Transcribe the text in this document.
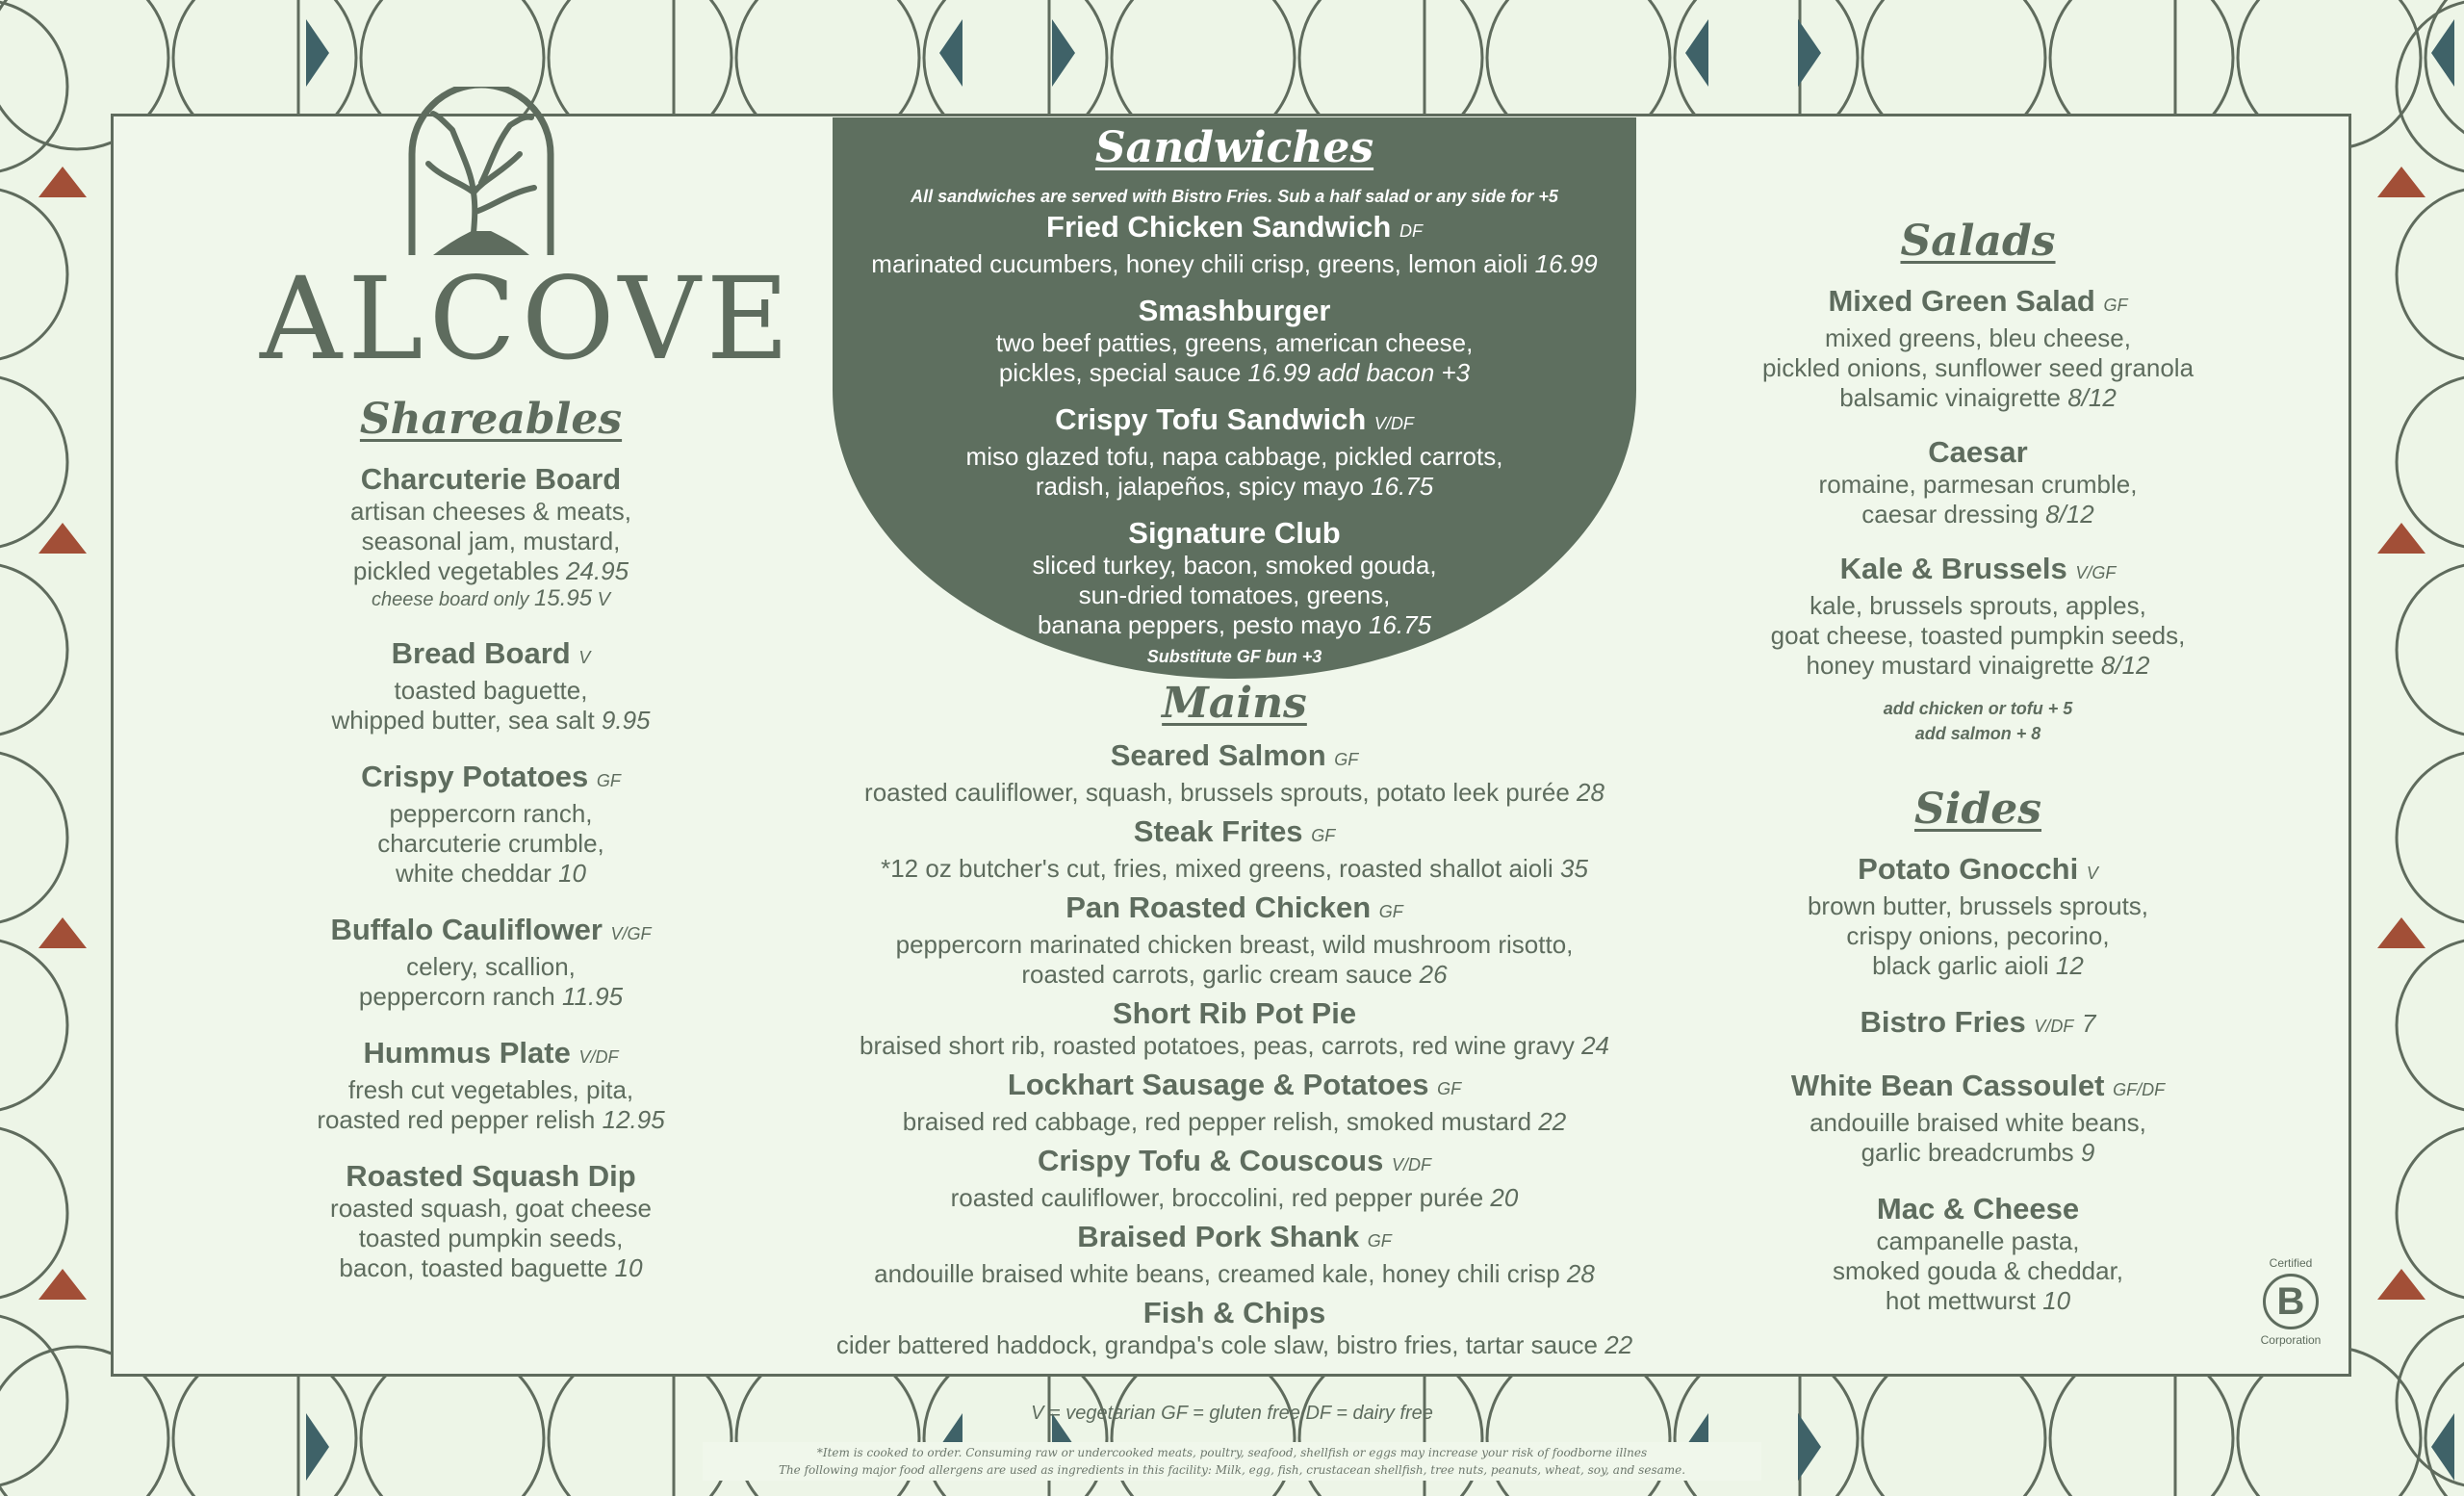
ALCOVE
Shareables
Charcuterie Board
artisan cheeses & meats,
seasonal jam, mustard,
pickled vegetables 24.95
cheese board only 15.95 V
Bread Board V
toasted baguette,
whipped butter, sea salt 9.95
Crispy Potatoes GF
peppercorn ranch,
charcuterie crumble,
white cheddar 10
Buffalo Cauliflower V/GF
celery, scallion,
peppercorn ranch 11.95
Hummus Plate V/DF
fresh cut vegetables, pita,
roasted red pepper relish 12.95
Roasted Squash Dip
roasted squash, goat cheese
toasted pumpkin seeds,
bacon, toasted baguette 10
Sandwiches
All sandwiches are served with Bistro Fries. Sub a half salad or any side for +5
Fried Chicken Sandwich DF
marinated cucumbers, honey chili crisp, greens, lemon aioli 16.99
Smashburger
two beef patties, greens, american cheese,
pickles, special sauce 16.99 add bacon +3
Crispy Tofu Sandwich V/DF
miso glazed tofu, napa cabbage, pickled carrots,
radish, jalapeños, spicy mayo 16.75
Signature Club
sliced turkey, bacon, smoked gouda,
sun-dried tomatoes, greens,
banana peppers, pesto mayo 16.75
Substitute GF bun +3
Mains
Seared Salmon GF
roasted cauliflower, squash, brussels sprouts, potato leek purée 28
Steak Frites GF
*12 oz butcher's cut, fries, mixed greens, roasted shallot aioli 35
Pan Roasted Chicken GF
peppercorn marinated chicken breast, wild mushroom risotto,
roasted carrots, garlic cream sauce 26
Short Rib Pot Pie
braised short rib, roasted potatoes, peas, carrots, red wine gravy 24
Lockhart Sausage & Potatoes GF
braised red cabbage, red pepper relish, smoked mustard 22
Crispy Tofu & Couscous V/DF
roasted cauliflower, broccolini, red pepper purée 20
Braised Pork Shank GF
andouille braised white beans, creamed kale, honey chili crisp 28
Fish & Chips
cider battered haddock, grandpa's cole slaw, bistro fries, tartar sauce 22
Salads
Mixed Green Salad GF
mixed greens, bleu cheese,
pickled onions, sunflower seed granola
balsamic vinaigrette 8/12
Caesar
romaine, parmesan crumble,
caesar dressing 8/12
Kale & Brussels V/GF
kale, brussels sprouts, apples,
goat cheese, toasted pumpkin seeds,
honey mustard vinaigrette 8/12
add chicken or tofu + 5
add salmon + 8
Sides
Potato Gnocchi V
brown butter, brussels sprouts,
crispy onions, pecorino,
black garlic aioli 12
Bistro Fries V/DF 7
White Bean Cassoulet GF/DF
andouille braised white beans,
garlic breadcrumbs 9
Mac & Cheese
campanelle pasta,
smoked gouda & cheddar,
hot mettwurst 10
Certified
B
Corporation
V = vegetarian GF = gluten free DF = dairy free
*Item is cooked to order. Consuming raw or undercooked meats, poultry, seafood, shellfish or eggs may increase your risk of foodborne illnes
The following major food allergens are used as ingredients in this facility: Milk, egg, fish, crustacean shellfish, tree nuts, peanuts, wheat, soy, and sesame.
